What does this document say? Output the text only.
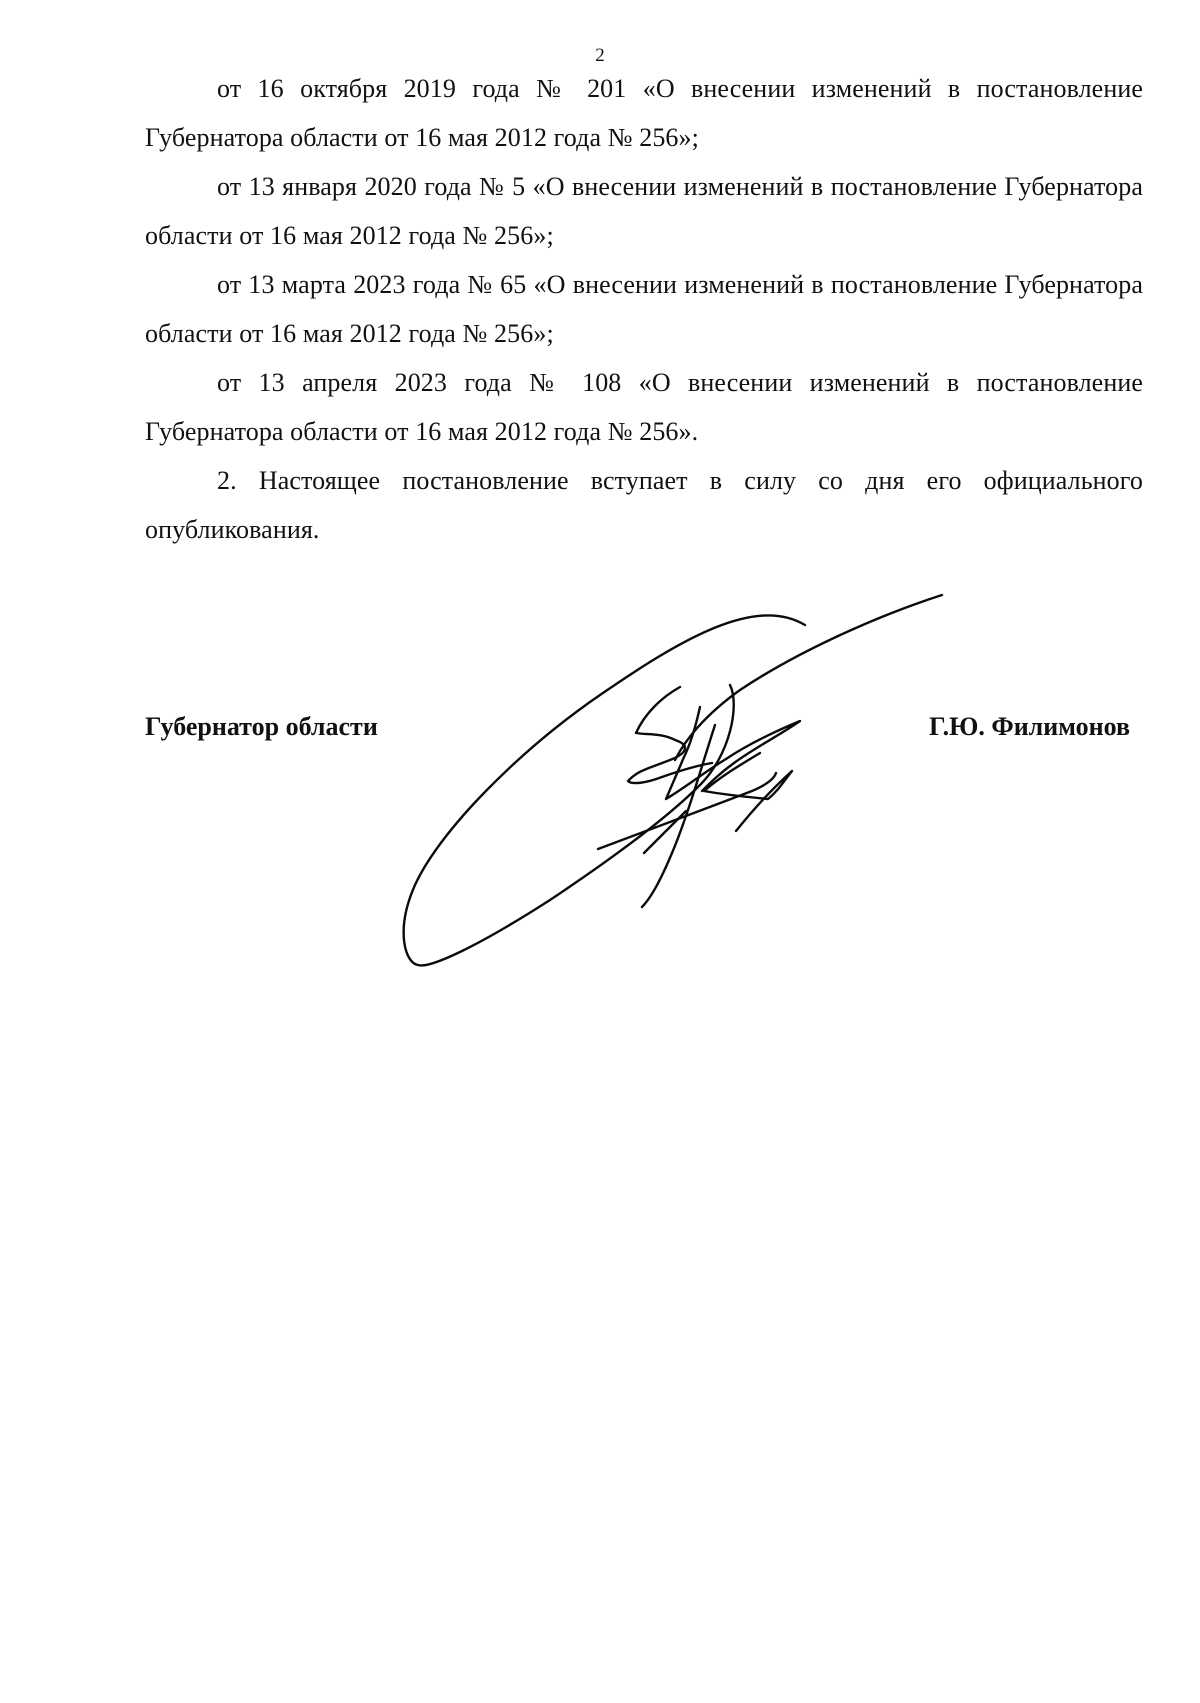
2

от 16 октября 2019 года № 201 «О внесении изменений в постановление Губернатора области от 16 мая 2012 года № 256»;

от 13 января 2020 года № 5 «О внесении изменений в постановление Губернатора области от 16 мая 2012 года № 256»;

от 13 марта 2023 года № 65 «О внесении изменений в постановление Губернатора области от 16 мая 2012 года № 256»;

от 13 апреля 2023 года № 108 «О внесении изменений в постановление Губернатора области от 16 мая 2012 года № 256».

2. Настоящее постановление вступает в силу со дня его официального опубликования.

Губернатор области	Г.Ю. Филимонов
